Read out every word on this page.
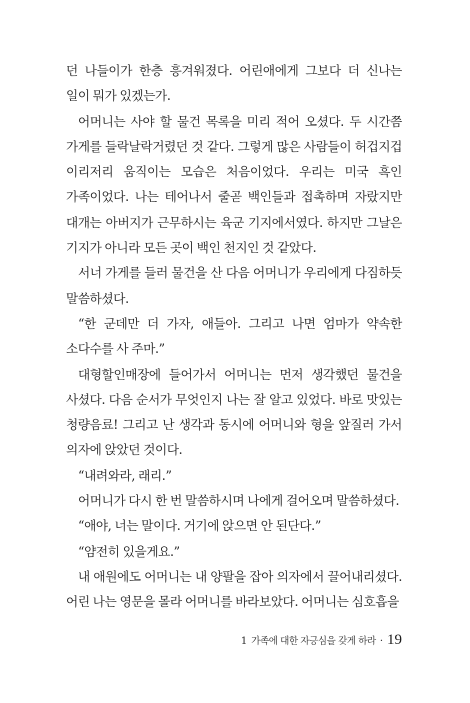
던 나들이가 한층 흥겨워졌다. 어린애에게 그보다 더 신나는 일이 뭐가 있겠는가.

어머니는 사야 할 물건 목록을 미리 적어 오셨다. 두 시간쯤 가게를 들락날락거렸던 것 같다. 그렇게 많은 사람들이 허겁지겁 이리저리 움직이는 모습은 처음이었다. 우리는 미국 흑인 가족이었다. 나는 테어나서 줄곧 백인들과 접촉하며 자랐지만 대개는 아버지가 근무하시는 육군 기지에서였다. 하지만 그날은 기지가 아니라 모든 곳이 백인 천지인 것 같았다.

서너 가게를 들러 물건을 산 다음 어머니가 우리에게 다짐하듯 말씀하셨다.

“한 군데만 더 가자, 애들아. 그리고 나면 엄마가 약속한 소다수를 사 주마.”

대형할인매장에 들어가서 어머니는 먼저 생각했던 물건을 사셨다. 다음 순서가 무엇인지 나는 잘 알고 있었다. 바로 맛있는 청량음료! 그리고 난 생각과 동시에 어머니와 형을 앞질러 가서 의자에 앉았던 것이다.

“내려와라, 래리.”

어머니가 다시 한 번 말씀하시며 나에게 걸어오며 말씀하셨다.

“애야, 너는 말이다. 거기에 앉으면 안 된단다.”

“얌전히 있을게요.”

내 애원에도 어머니는 내 양팔을 잡아 의자에서 끌어내리셨다. 어린 나는 영문을 몰라 어머니를 바라보았다. 어머니는 심호흡을

1 가족에 대한 자긍심을 갖게 하라 · 19
